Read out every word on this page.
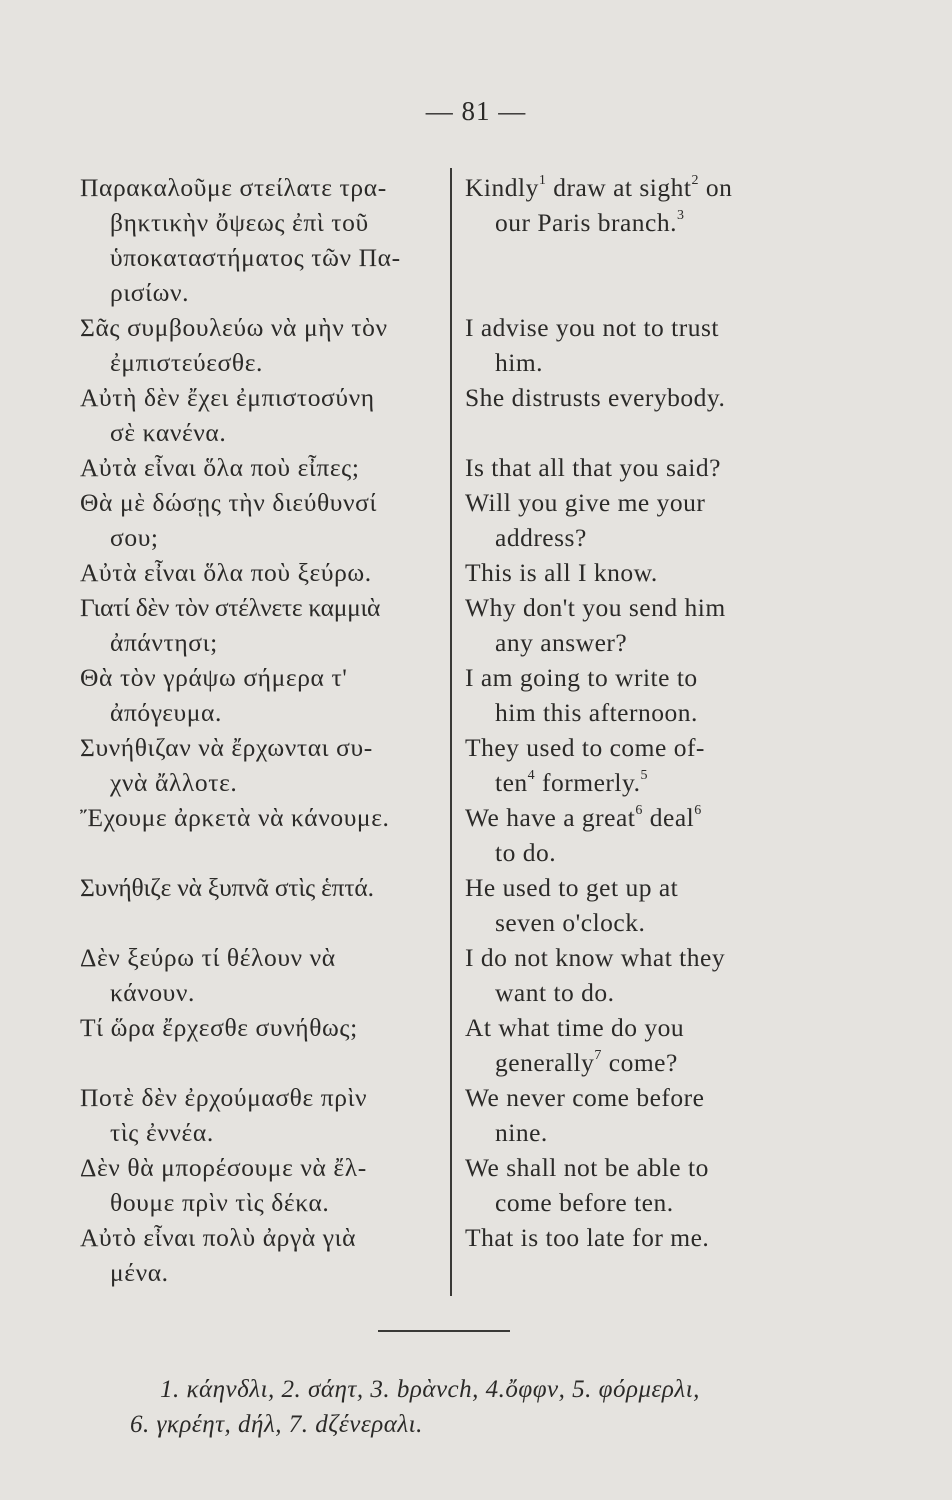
— 81 —
Παρακαλοῦμε στείλατε τρα-
βηκτικὴν ὄψεως ἐπὶ τοῦ
ὑποκαταστήματος τῶν Πα-
ρισίων.
Σᾶς συμβουλεύω νὰ μὴν τὸν
ἐμπιστεύεσθε.
Αὐτὴ δὲν ἔχει ἐμπιστοσύνη
σὲ κανένα.
Αὐτὰ εἶναι ὅλα ποὺ εἶπες;
Θὰ μὲ δώσῃς τὴν διεύθυνσί
σου;
Αὐτὰ εἶναι ὅλα ποὺ ξεύρω.
Γιατί δὲν τὸν στέλνετε καμμιὰ
ἀπάντησι;
Θὰ τὸν γράψω σήμερα τ'
ἀπόγευμα.
Συνήθιζαν νὰ ἔρχωνται συ-
χνὰ ἄλλοτε.
Ἔχουμε ἀρκετὰ νὰ κάνουμε.
Συνήθιζε νὰ ξυπνᾶ στὶς ἑπτά.
Δὲν ξεύρω τί θέλουν νὰ
κάνουν.
Τί ὥρα ἔρχεσθε συνήθως;
Ποτὲ δὲν ἐρχούμασθε πρὶν
τὶς ἐννέα.
Δὲν θὰ μπορέσουμε νὰ ἔλ-
θουμε πρὶν τὶς δέκα.
Αὐτὸ εἶναι πολὺ ἀργὰ γιὰ
μένα.
Kindly$^1$ draw at sight$^2$ on
our Paris branch.$^3$
I advise you not to trust
him.
She distrusts everybody.
Is that all that you said?
Will you give me your
address?
This is all I know.
Why don't you send him
any answer?
I am going to write to
him this afternoon.
They used to come of-
ten$^4$ formerly.$^5$
We have a great$^6$ deal$^6$
to do.
He used to get up at
seven o'clock.
I do not know what they
want to do.
At what time do you
generally$^7$ come?
We never come before
nine.
We shall not be able to
come before ten.
That is too late for me.
1. κάηνδλι, 2. σάητ, 3. bρὰνch, 4.ὄφφν, 5. φόρμερλι,
6. γκρέητ, dήλ, 7. dζένεραλι.
